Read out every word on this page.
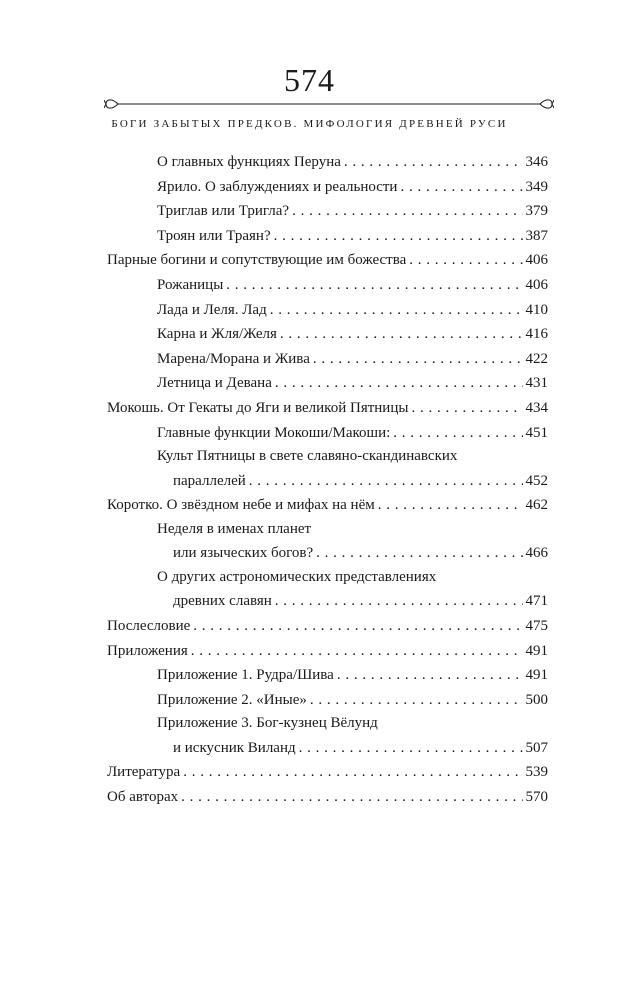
574
БОГИ ЗАБЫТЫХ ПРЕДКОВ. МИФОЛОГИЯ ДРЕВНЕЙ РУСИ
О главных функциях Перуна . . .	346
Ярило. О заблуждениях и реальности . . .	349
Триглав или Тригла? . . .	379
Троян или Траян? . . .	387
Парные богини и сопутствующие им божества . . .	406
Рожаницы . . .	406
Лада и Леля. Лад . . .	410
Карна и Жля/Желя . . .	416
Марена/Морана и Жива . . .	422
Летница и Девана . . .	431
Мокошь. От Гекаты до Яги и великой Пятницы . . .	434
Главные функции Мокоши/Макоши: . . .	451
Культ Пятницы в свете славяно-скандинавских
параллелей . . .	452
Коротко. О звёздном небе и мифах на нём . . .	462
Неделя в именах планет
или языческих богов? . . .	466
О других астрономических представлениях
древних славян . . .	471
Послесловие . . .	475
Приложения . . .	491
Приложение 1. Рудра/Шива . . .	491
Приложение 2. «Иные» . . .	500
Приложение 3. Бог-кузнец Вёлунд
и искусник Виланд . . .	507
Литература . . .	539
Об авторах . . .	570
